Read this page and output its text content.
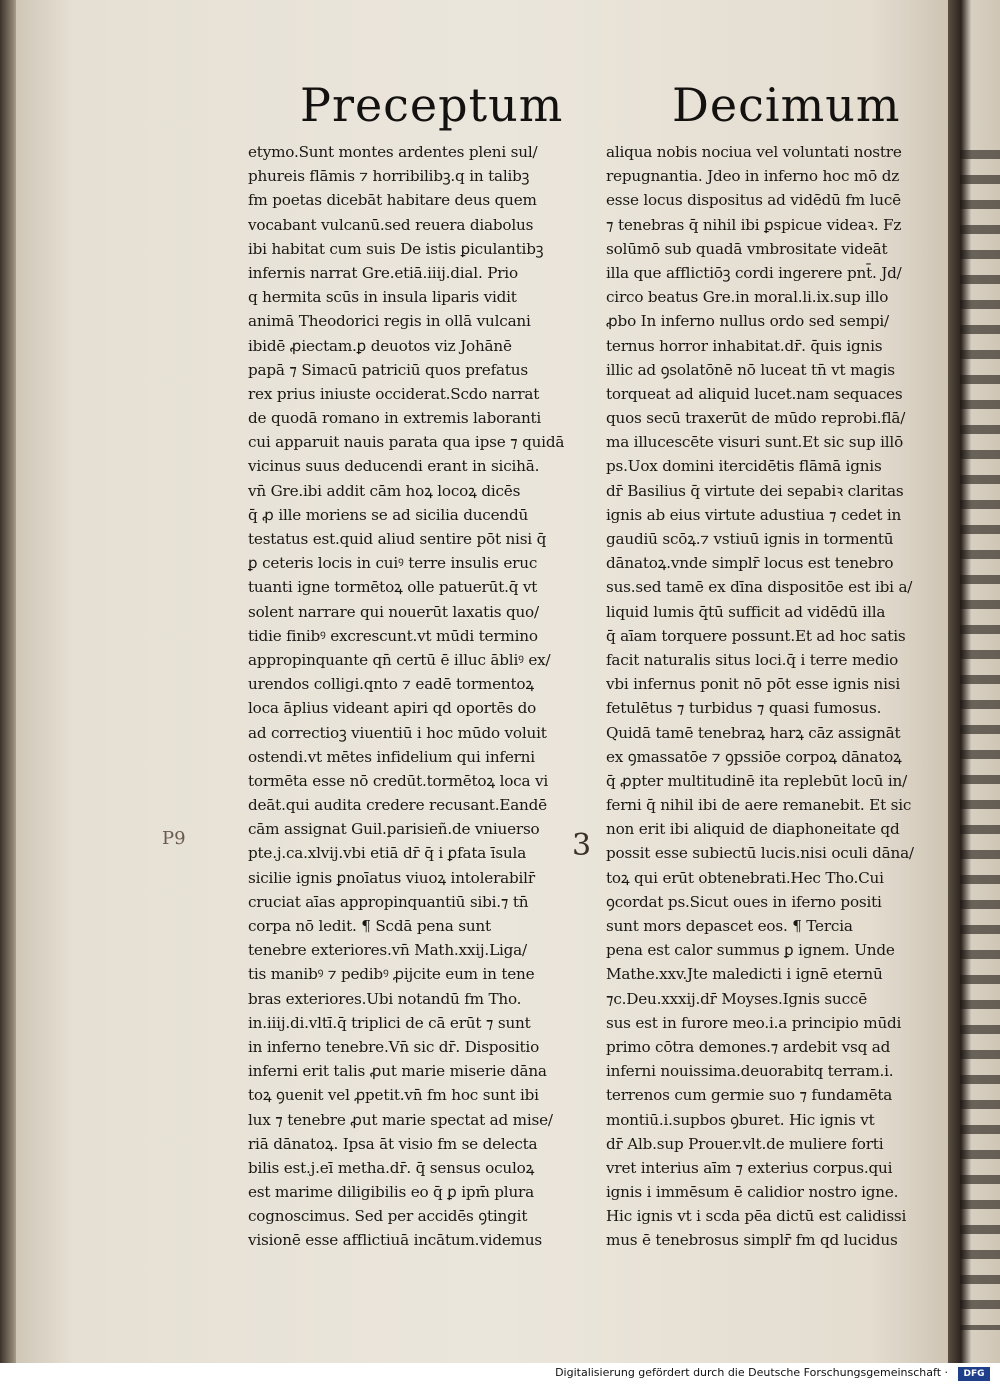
Preceptum Decimum
etymo.Sunt montes ardentes pleni sul/
phureis flāmis ⁊ horribilibꝫ.q in talibꝫ
fm poetas dicebāt habitare deus quem
vocabant vulcanū.sed reuera diabolus
ibi habitat cum suis De istis ꝑiculantibꝫ
infernis narrat Gre.etiā.iiij.dial. Prio
q hermita scūs in insula liparis vidit
animā Theodorici regis in ollā vulcani
ibidē ꝓiectam.ꝑ deuotos viz Johānē
papā ⁊ Simacū patriciū quos prefatus
rex prius iniuste occiderat.Scdo narrat
de quodā romano in extremis laboranti
cui apparuit nauis parata qua ipse ⁊ quidā
vicinus suus deducendi erant in sicihā.
vn̄ Gre.ibi addit cām hoꝝ locoꝝ dicēs
q̄ ꝓ ille moriens se ad sicilia ducendū
testatus est.quid aliud sentire pōt nisi q̄
ꝑ ceteris locis in cuiꝰ terre insulis eruc
tuanti igne tormētoꝝ olle patuerūt.q̄ vt
solent narrare qui nouerūt laxatis quo/
tidie finibꝰ excrescunt.vt mūdi termino
appropinquante qn̄ certū ē illuc ābliꝰ ex/
urendos colligi.qnto ⁊ eadē tormentoꝝ
loca āplius videant apiri qd oportēs do
ad correctioꝫ viuentiū i hoc mūdo voluit
ostendi.vt mētes infidelium qui inferni
tormēta esse nō credūt.tormētoꝝ loca vi
deāt.qui audita credere recusant.Eandē
cām assignat Guil.parisieñ.de vniuerso
pte.j.ca.xlvij.vbi etiā dr̄ q̄ i ꝑfata īsula
sicilie ignis ꝑnoīatus viuoꝝ intolerabilr̄
cruciat aīas appropinquantiū sibi.⁊ tn̄
corpa nō ledit. ¶ Scdā pena sunt
tenebre exteriores.vn̄ Math.xxij.Liga/
tis manibꝰ ⁊ pedibꝰ ꝓijcite eum in tene
bras exteriores.Ubi notandū fm Tho.
in.iiij.di.vltī.q̄ triplici de cā erūt ⁊ sunt
in inferno tenebre.Vn̄ sic dr̄. Dispositio
inferni erit talis ꝓut marie miserie dāna
toꝝ ꝯuenit vel ꝓpetit.vn̄ fm hoc sunt ibi
lux ⁊ tenebre ꝓut marie spectat ad mise/
riā dānatoꝝ. Ipsa āt visio fm se delecta
bilis est.j.eī metha.dr̄. q̄ sensus oculoꝝ
est marime diligibilis eo q̄ ꝑ ipm̄ plura
cognoscimus. Sed per accidēs ꝯtingit
visionē esse afflictiuā incātum.videmus
aliqua nobis nociua vel voluntati nostre
repugnantia. Jdeo in inferno hoc mō dz
esse locus dispositus ad vidēdū fm lucē
⁊ tenebras q̄ nihil ibi ꝑspicue videaꝛ. Fz
solūmō sub quadā vmbrositate videāt
illa que afflictiōꝫ cordi ingerere pnt̄. Jd/
circo beatus Gre.in moral.li.ix.sup illo
ꝓbo In inferno nullus ordo sed sempi/
ternus horror inhabitat.dr̄. q̄uis ignis
illic ad ꝯsolatōnē nō luceat tn̄ vt magis
torqueat ad aliquid lucet.nam sequaces
quos secū traxerūt de mūdo reprobi.flā/
ma illucescēte visuri sunt.Et sic sup illō
ps.Uox domini itercidētis flāmā ignis
dr̄ Basilius q̄ virtute dei sepabiꝛ claritas
ignis ab eius virtute adustiua ⁊ cedet in
gaudiū scōꝝ.⁊ vstiuū ignis in tormentū
dānatoꝝ.vnde simplr̄ locus est tenebro
sus.sed tamē ex dīna dispositōe est ibi a/
liquid lumis q̄tū sufficit ad vidēdū illa
q̄ aīam torquere possunt.Et ad hoc satis
facit naturalis situs loci.q̄ i terre medio
vbi infernus ponit nō pōt esse ignis nisi
fetulētus ⁊ turbidus ⁊ quasi fumosus.
Quidā tamē tenebraꝝ harꝝ cāz assignāt
ex ꝯmassatōe ⁊ ꝯpssiōe corpoꝝ dānatoꝝ
q̄ ꝓpter multitudinē ita replebūt locū in/
ferni q̄ nihil ibi de aere remanebit. Et sic
non erit ibi aliquid de diaphoneitate qd
possit esse subiectū lucis.nisi oculi dāna/
toꝝ qui erūt obtenebrati.Hec Tho.Cui
ꝯcordat ps.Sicut oues in iferno positi
sunt mors depascet eos. ¶ Tercia
pena est calor summus ꝑ ignem. Unde
Mathe.xxv.Jte maledicti i ignē eternū
⁊c.Deu.xxxij.dr̄ Moyses.Ignis succē
sus est in furore meo.i.a principio mūdi
primo cōtra demones.⁊ ardebit vsq ad
inferni nouissima.deuorabitq terram.i.
terrenos cum germie suo ⁊ fundamēta
montiū.i.supbos ꝯburet. Hic ignis vt
dr̄ Alb.sup Prouer.vlt.de muliere forti
vret interius aīm ⁊ exterius corpus.qui
ignis i immēsum ē calidior nostro igne.
Hic ignis vt i scda pēa dictū est calidissi
mus ē tenebrosus simplr̄ fm qd lucidus
P9	3
Digitalisierung gefördert durch die Deutsche Forschungsgemeinschaft ·	DFG
